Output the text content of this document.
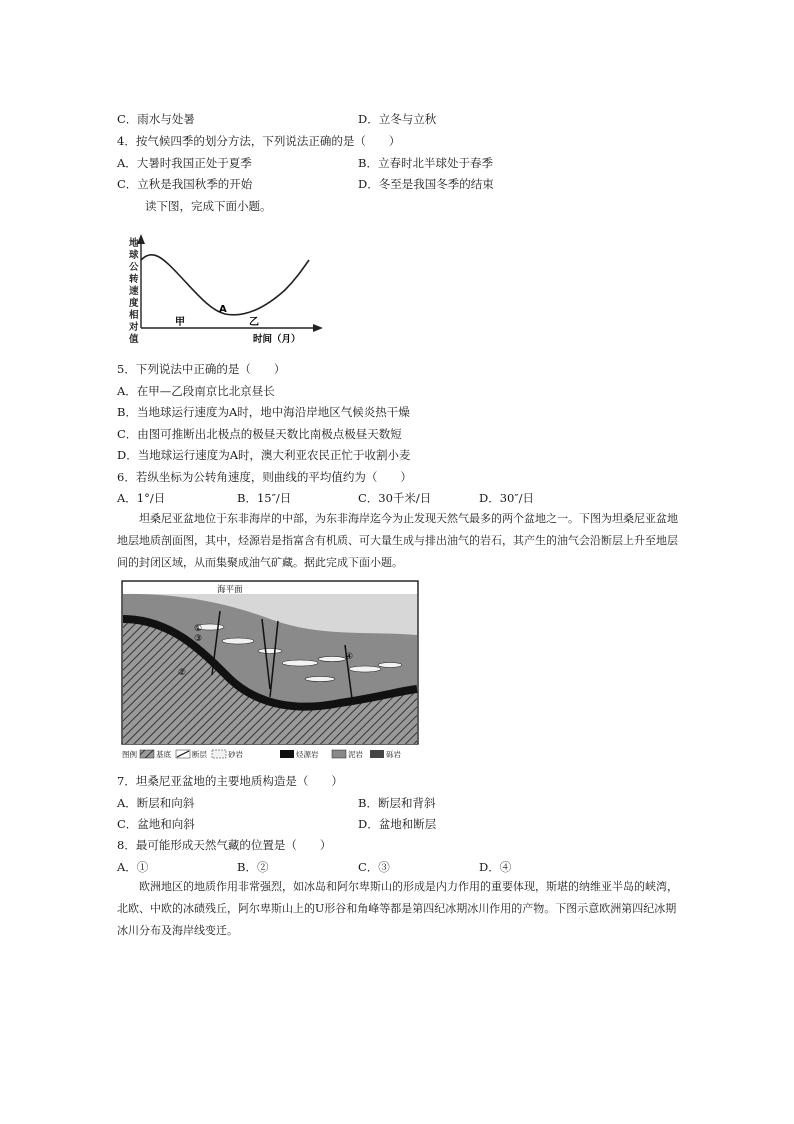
C．雨水与处暑	D．立冬与立秋
4．按气候四季的划分方法，下列说法正确的是（　　）
A．大暑时我国正处于夏季	B．立春时北半球处于春季
C．立秋是我国秋季的开始	D．冬至是我国冬季的结束
读下图，完成下面小题。
地
球
公
转
速
度
相
对
值
A
甲	乙
时间（月）
5．下列说法中正确的是（　　）
A．在甲—乙段南京比北京昼长
B．当地球运行速度为A时，地中海沿岸地区气候炎热干燥
C．由图可推断出北极点的极昼天数比南极点极昼天数短
D．当地球运行速度为A时，澳大利亚农民正忙于收割小麦
6．若纵坐标为公转角速度，则曲线的平均值约为（　　）
A．1°/日	B．15″/日	C．30千米/日	D．30″/日
坦桑尼亚盆地位于东非海岸的中部，为东非海岸迄今为止发现天然气最多的两个盆地之一。下图为坦桑尼亚盆地地层地质剖面图，其中，烃源岩是指富含有机质、可大量生成与排出油气的岩石，其产生的油气会沿断层上升至地层间的封闭区域，从而集聚成油气矿藏。据此完成下面小题。
海平面
①
②
③
④
图例	基底	断层	砂岩	烃源岩	泥岩	砾岩
7．坦桑尼亚盆地的主要地质构造是（　　）
A．断层和向斜	B．断层和背斜
C．盆地和向斜	D．盆地和断层
8．最可能形成天然气藏的位置是（　　）
A．①	B．②	C．③	D．④
欧洲地区的地质作用非常强烈，如冰岛和阿尔卑斯山的形成是内力作用的重要体现，斯堪的纳维亚半岛的峡湾，北欧、中欧的冰碛残丘，阿尔卑斯山上的U形谷和角峰等都是第四纪冰期冰川作用的产物。下图示意欧洲第四纪冰期冰川分布及海岸线变迁。
